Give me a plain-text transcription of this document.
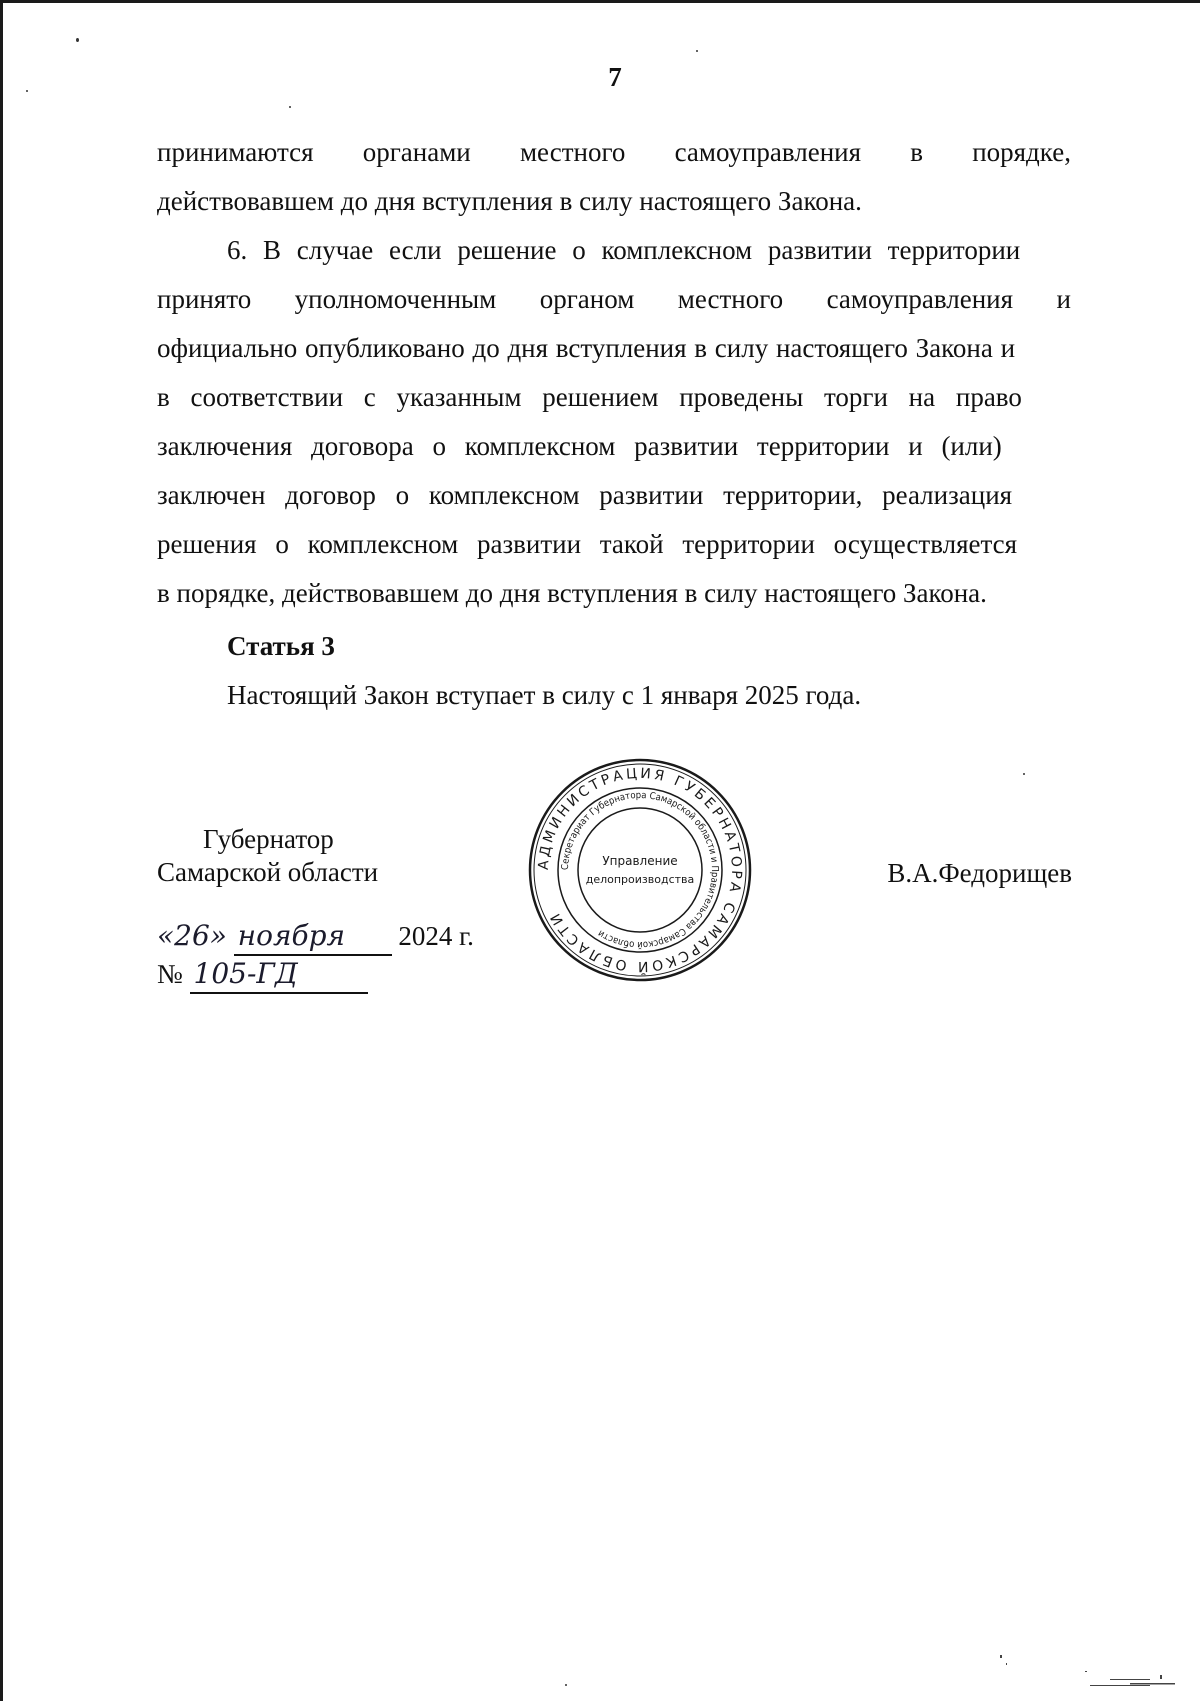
7
принимаются органами местного самоуправления в порядке,
действовавшем до дня вступления в силу настоящего Закона.
6. В случае если решение о комплексном развитии территории
принято уполномоченным органом местного самоуправления и
официально опубликовано до дня вступления в силу настоящего Закона и
в соответствии с указанным решением проведены торги на право
заключения договора о комплексном развитии территории и (или)
заключен договор о комплексном развитии территории, реализация
решения о комплексном развитии такой территории осуществляется
в порядке, действовавшем до дня вступления в силу настоящего Закона.
Статья 3
Настоящий Закон вступает в силу с 1 января 2025 года.
Губернатор
Самарской области	В.А.Федорищев
«26» ноября 2024 г.
№ 105-ГД
АДМИНИСТРАЦИЯ ГУБЕРНАТОРА САМАРСКОЙ ОБЛАСТИ
Секретариат Губернатора Самарской области и Правительства Самарской области
Управление
делопроизводства
